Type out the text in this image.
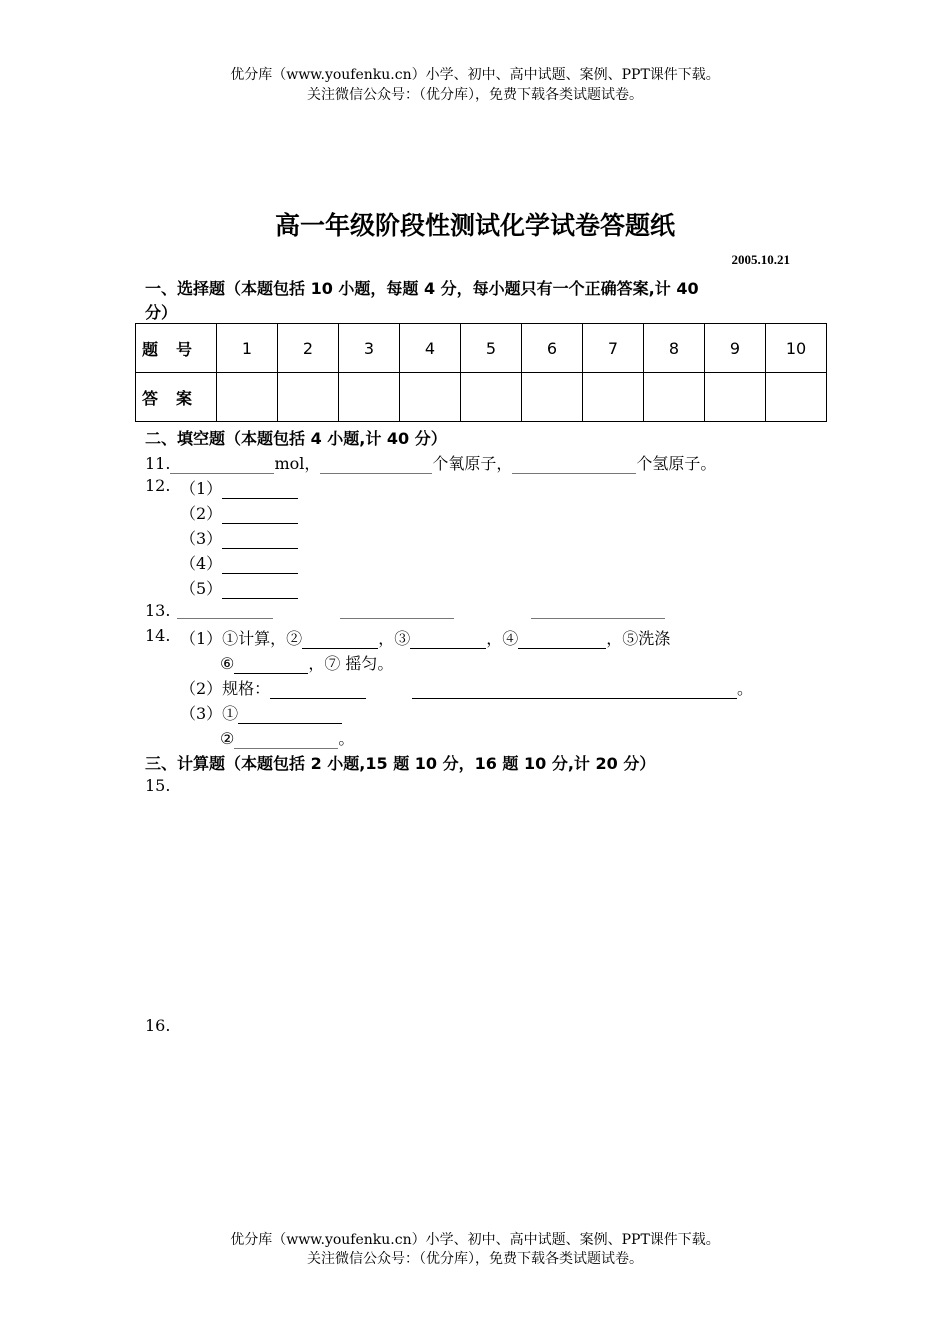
优分库（www.youfenku.cn）小学、初中、高中试题、案例、PPT课件下载。
关注微信公众号：（优分库），免费下载各类试题试卷。
高一年级阶段性测试化学试卷答题纸
2005.10.21
一、选择题（本题包括 10 小题，每题 4 分，每小题只有一个正确答案,计 40
分）
题号	1	2	3	4	5	6	7	8	9	10
答案										
二、填空题（本题包括 4 小题,计 40 分）
11.	mol，	个氧原子，	个氢原子。
12. （1）
（2）
（3）
（4）
（5）
13.
14. （1）①计算，②	，③	，④	，⑤洗涤
⑥	，⑦ 摇匀。
（2）规格：	。
（3）①
②	。
三、计算题（本题包括 2 小题,15 题 10 分，16 题 10 分,计 20 分）
15.
16.
优分库（www.youfenku.cn）小学、初中、高中试题、案例、PPT课件下载。
关注微信公众号：（优分库），免费下载各类试题试卷。
